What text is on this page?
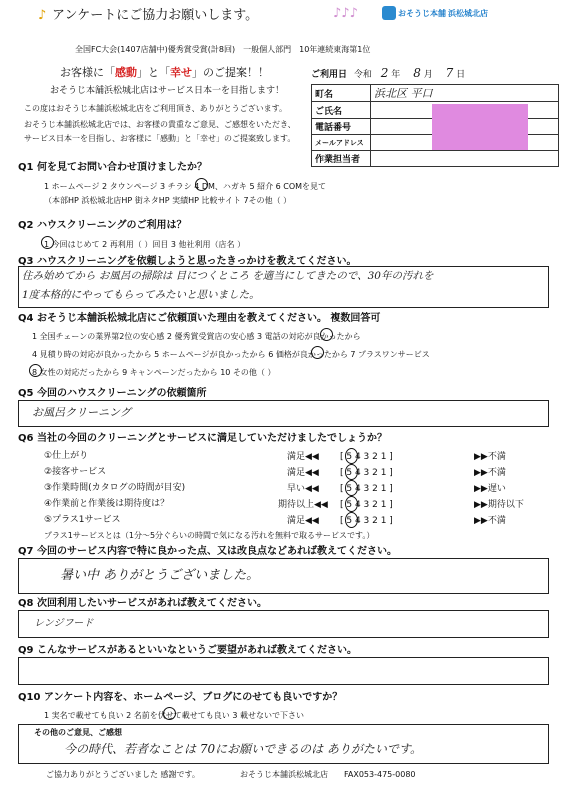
♪ アンケートにご協力お願いします。	♪♪♪	おそうじ本舗 浜松城北店
全国FC大会(1407店舗中)優秀賞受賞(計8回)　一般個人部門　10年連続東海第1位
お客様に「感動」と「幸せ」のご提案！！
おそうじ本舗浜松城北店はサービス日本一を目指します！
この度はおそうじ本舗浜松城北店をご利用頂き、ありがとうございます。
おそうじ本舗浜松城北店では、お客様の貴重なご意見、ご感想をいただき、
サービス日本一を目指し、お客様に「感動」と「幸せ」のご提案致します。
ご利用日 令和 2 年 8 月 7 日
町名	浜北区 平口
ご氏名	
電話番号	
メールアドレス	
作業担当者	
Q1 何を見てお問い合わせ頂けましたか？
1 ホームページ 2 タウンページ 3 チラシ 4 DM、ハガキ 5 紹介 6 COMを見て
（本部HP 浜松城北店HP 街ネタHP 実績HP 比較サイト 7その他（ ）
Q2 ハウスクリーニングのご利用は？
1 今回はじめて 2 再利用（ ）回目 3 他社利用（店名 ）
Q3 ハウスクリーニングを依頼しようと思ったきっかけを教えてください。
住み始めてから お風呂の掃除は 目につくところ を適当にしてきたので、30年の汚れを
1度本格的にやってもらってみたいと思いました。
Q4 おそうじ本舗浜松城北店にご依頼頂いた理由を教えてください。 複数回答可
1 全国チェーンの業界第2位の安心感 2 優秀賞受賞店の安心感 3 電話の対応が良かったから
4 見積り時の対応が良かったから 5 ホームページが良かったから 6 価格が良かったから 7 プラスワンサービス
8 女性の対応だったから 9 キャンペーンだったから 10 その他（ ）
Q5 今回のハウスクリーニングの依頼箇所
お風呂クリーニング
Q6 当社の今回のクリーニングとサービスに満足していただけましたでしょうか？
①仕上がり	満足◀◀ [ 5 4 3 2 1 ]	▶▶不満
②接客サービス	満足◀◀ [ 5 4 3 2 1 ]	▶▶不満
③作業時間(カタログの時間が目安)	早い◀◀ [ 5 4 3 2 1 ]	▶▶遅い
④作業前と作業後は期待度は？	期待以上◀◀ [ 5 4 3 2 1 ]	▶▶期待以下
⑤プラス1サービス	満足◀◀ [ 5 4 3 2 1 ]	▶▶不満
プラス1サービスとは（1分～5分ぐらいの時間で気になる汚れを無料で取るサービスです。）
Q7 今回のサービス内容で特に良かった点、又は改良点などあれば教えてください。
暑い中 ありがとうございました。
Q8 次回利用したいサービスがあれば教えてください。
レンジフード
Q9 こんなサービスがあるといいなというご要望があれば教えてください。
Q10 アンケート内容を、ホームページ、ブログにのせても良いですか？
1 実名で載せても良い 2 名前を伏せて載せても良い 3 載せないで下さい
その他のご意見、ご感想
今の時代、若者なことは 70にお願いできるのは ありがたいです。
ご協力ありがとうございました 感謝です。	おそうじ本舗浜松城北店 FAX053-475-0080
